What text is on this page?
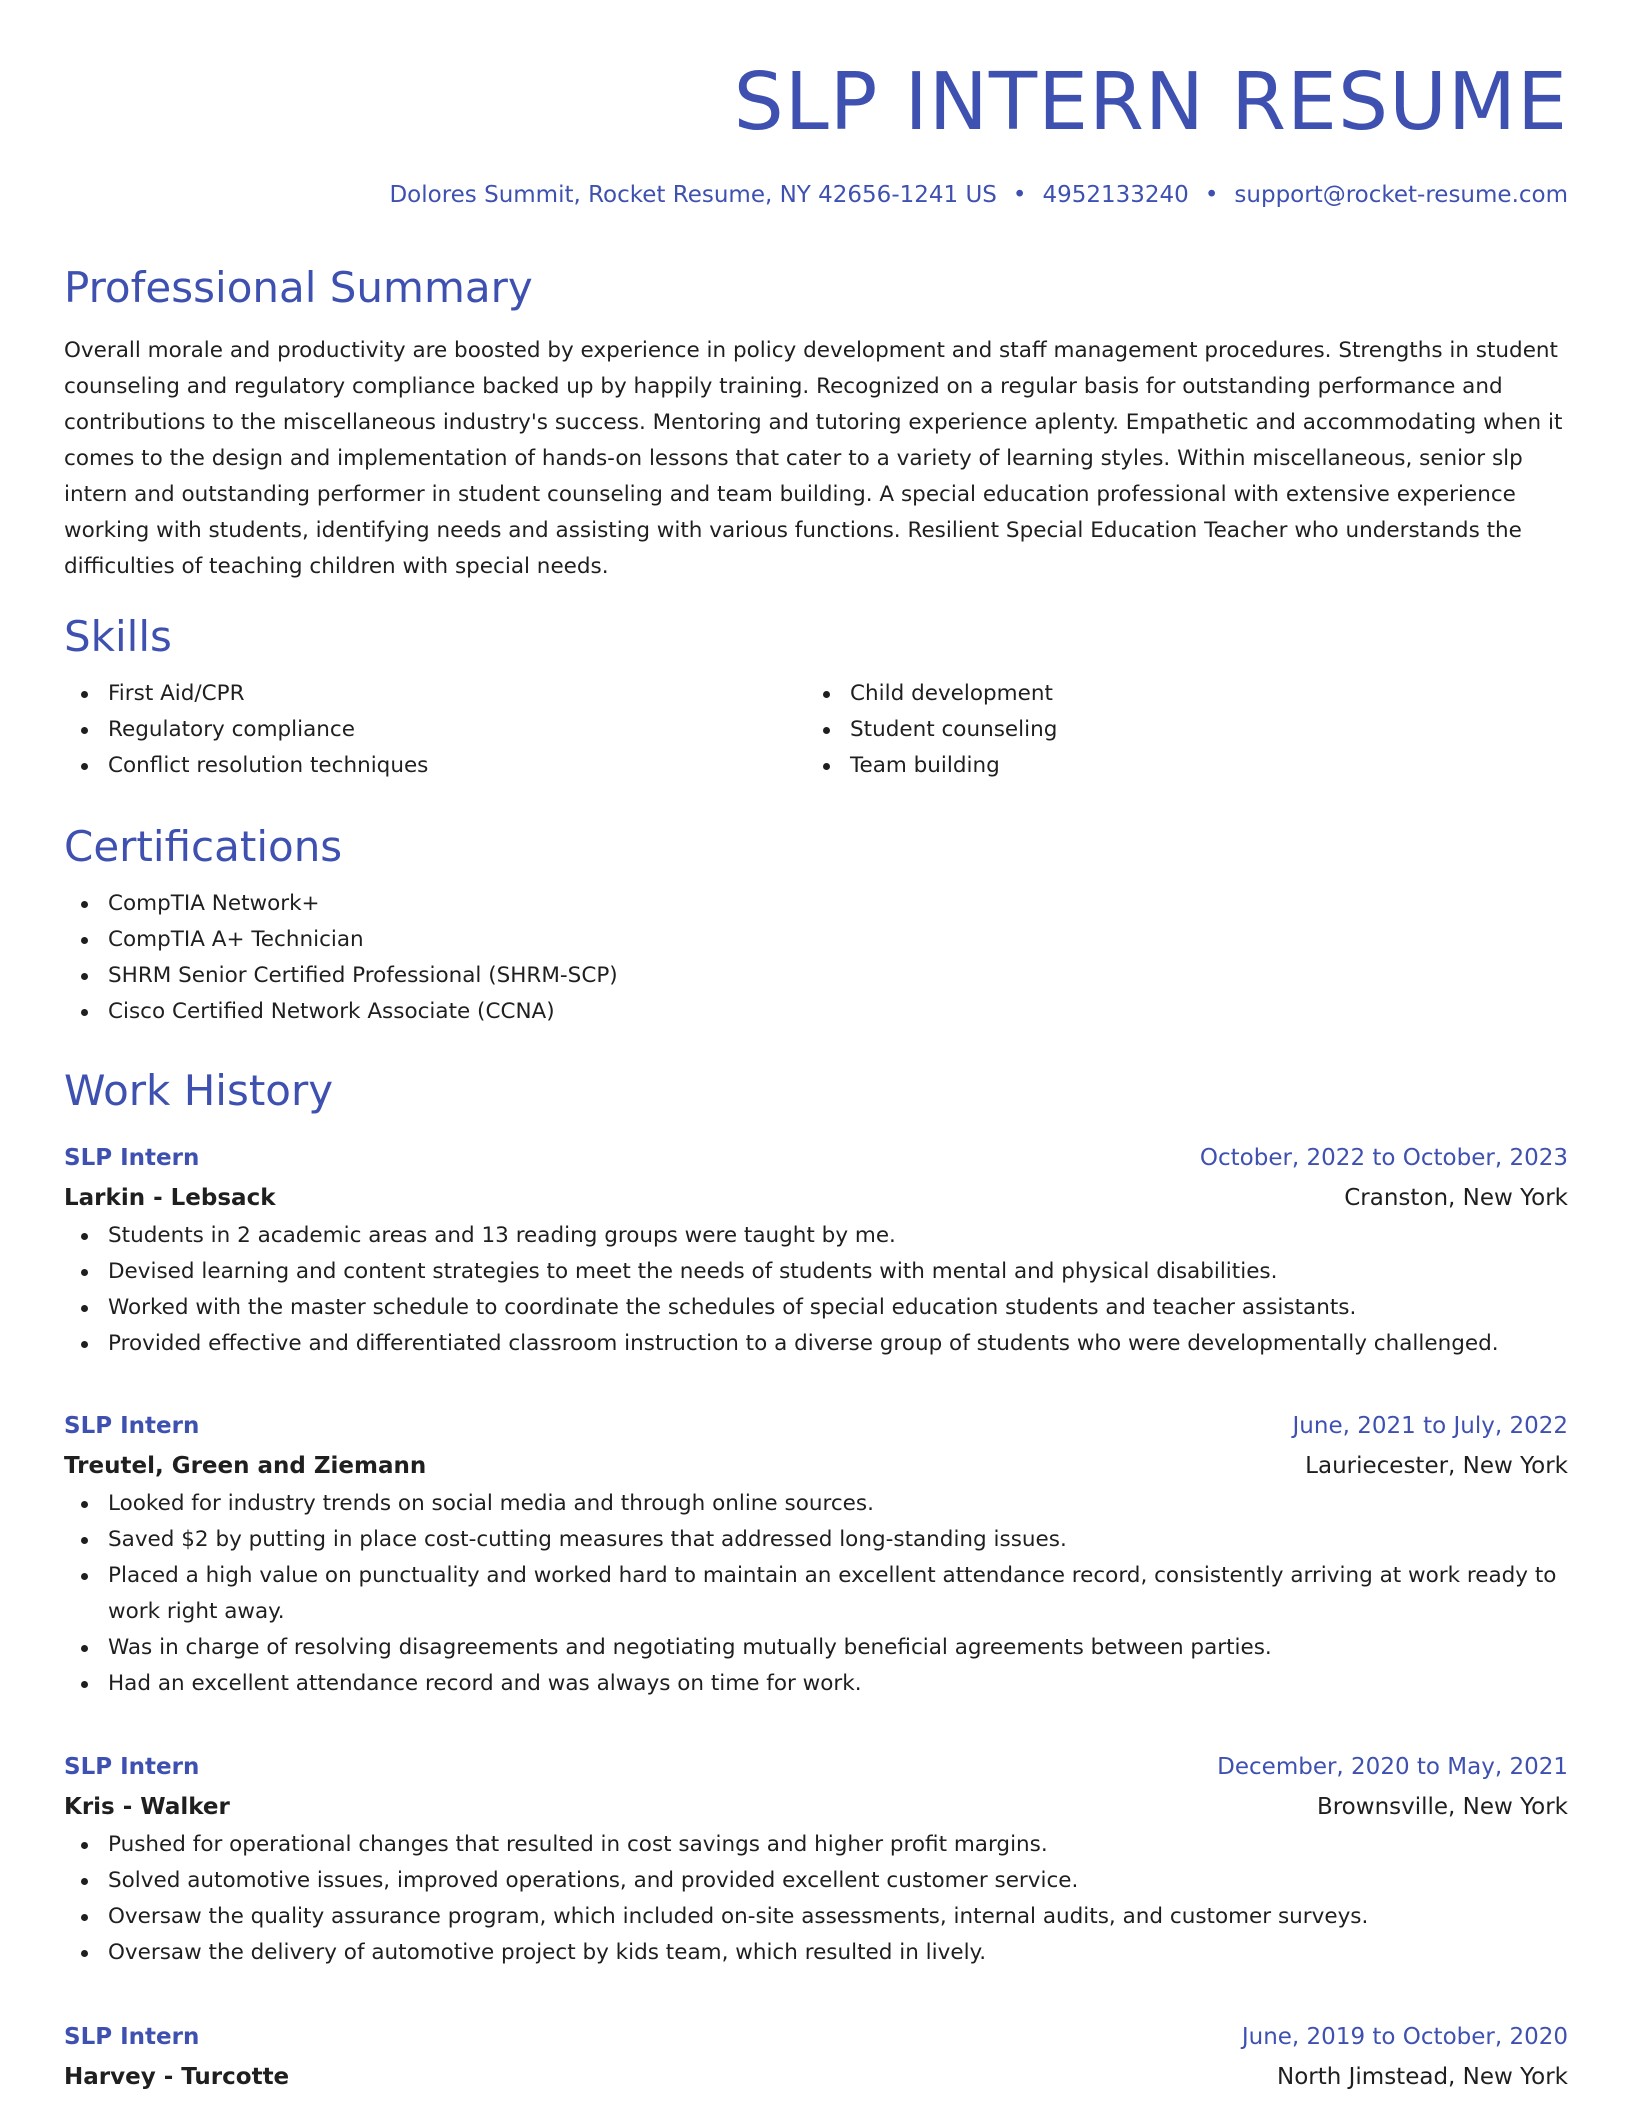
SLP INTERN RESUME
Dolores Summit, Rocket Resume, NY 42656-1241 US • 4952133240 • support@rocket-resume.com
Professional Summary

Overall morale and productivity are boosted by experience in policy development and staff management procedures. Strengths in student counseling and regulatory compliance backed up by happily training. Recognized on a regular basis for outstanding performance and contributions to the miscellaneous industry's success. Mentoring and tutoring experience aplenty. Empathetic and accommodating when it comes to the design and implementation of hands-on lessons that cater to a variety of learning styles. Within miscellaneous, senior slp intern and outstanding performer in student counseling and team building. A special education professional with extensive experience working with students, identifying needs and assisting with various functions. Resilient Special Education Teacher who understands the difficulties of teaching children with special needs.

Skills
First Aid/CPR
Regulatory compliance
Conflict resolution techniques
Child development
Student counseling
Team building
Certifications
CompTIA Network+
CompTIA A+ Technician
SHRM Senior Certified Professional (SHRM-SCP)
Cisco Certified Network Associate (CCNA)
Work History
SLP Intern	October, 2022 to October, 2023
Larkin - Lebsack	Cranston, New York
Students in 2 academic areas and 13 reading groups were taught by me.
Devised learning and content strategies to meet the needs of students with mental and physical disabilities.
Worked with the master schedule to coordinate the schedules of special education students and teacher assistants.
Provided effective and differentiated classroom instruction to a diverse group of students who were developmentally challenged.
SLP Intern	June, 2021 to July, 2022
Treutel, Green and Ziemann	Lauriecester, New York
Looked for industry trends on social media and through online sources.
Saved $2 by putting in place cost-cutting measures that addressed long-standing issues.
Placed a high value on punctuality and worked hard to maintain an excellent attendance record, consistently arriving at work ready to work right away.
Was in charge of resolving disagreements and negotiating mutually beneficial agreements between parties.
Had an excellent attendance record and was always on time for work.
SLP Intern	December, 2020 to May, 2021
Kris - Walker	Brownsville, New York
Pushed for operational changes that resulted in cost savings and higher profit margins.
Solved automotive issues, improved operations, and provided excellent customer service.
Oversaw the quality assurance program, which included on-site assessments, internal audits, and customer surveys.
Oversaw the delivery of automotive project by kids team, which resulted in lively.
SLP Intern	June, 2019 to October, 2020
Harvey - Turcotte	North Jimstead, New York
